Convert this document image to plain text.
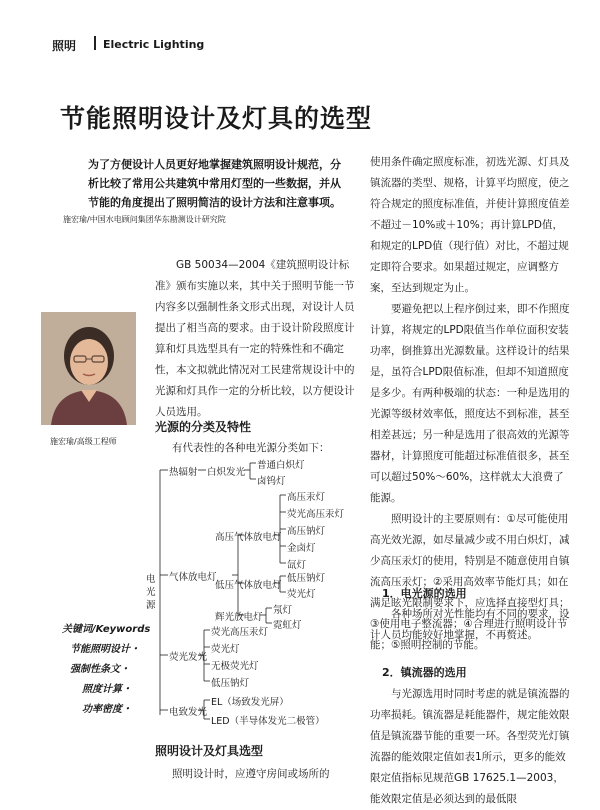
照明 Electric Lighting
节能照明设计及灯具的选型
为了方便设计人员更好地掌握建筑照明设计规范，分析比较了常用公共建筑中常用灯型的一些数据，并从节能的角度提出了照明简洁的设计方法和注意事项。
施宏瑜/中国水电顾问集团华东勘测设计研究院
施宏瑜/高级工程师
关键词/Keywords
节能照明设计・
强制性条文・
照度计算・
功率密度・

GB 50034—2004《建筑照明设计标准》颁布实施以来，其中关于照明节能一节内容多以强制性条文形式出现，对设计人员提出了相当高的要求。由于设计阶段照度计算和灯具选型具有一定的特殊性和不确定性，本文拟就此情况对工民建常规设计中的光源和灯具作一定的分析比较，以方便设计人员选用。

光源的分类及特性
有代表性的各种电光源分类如下：
电光源
热辐射 白炽发光
普通白炽灯
卤钨灯
气体放电灯
高压气体放电灯
高压汞灯
荧光高压汞灯
高压钠灯
金卤灯
氙灯
低压气体放电灯
低压钠灯
荧光灯
辉光放电灯
氖灯
霓虹灯
荧光发光
荧光高压汞灯
荧光灯
无极荧光灯
低压钠灯
电致发光
EL（场致发光屏）
LED（半导体发光二极管）
照明设计及灯具选型
照明设计时，应遵守房间或场所的

使用条件确定照度标准，初选光源、灯具及镇流器的类型、规格，计算平均照度，使之符合规定的照度标准值，并使计算照度值差不超过－10%或＋10%；再计算LPD值，和规定的LPD值（现行值）对比，不超过规定即符合要求。如果超过规定，应调整方案，至达到规定为止。

要避免把以上程序倒过来，即不作照度计算，将规定的LPD限值当作单位面积安装功率，倒推算出光源数量。这样设计的结果是，虽符合LPD限值标准，但却不知道照度是多少。有两种极端的状态：一种是选用的光源等级材效率低，照度达不到标准，甚至相差甚远；另一种是选用了很高效的光源等器材，计算照度可能超过标准值很多，甚至可以超过50%～60%，这样就太大浪费了能源。

照明设计的主要原则有：①尽可能使用高光效光源，如尽量减少或不用白炽灯，减少高压汞灯的使用，特别是不随意使用自镇流高压汞灯；②采用高效率节能灯具；如在满足眩光限制要求下，应选择直接型灯具；③使用电子整流器；④合理进行照明设计节能；⑤照明控制的节能。

1．电光源的选用

各种场所对光性能均有不同的要求，设计人员均能较好地掌握，不再赘述。

2．镇流器的选用

与光源选用时同时考虑的就是镇流器的功率损耗。镇流器是耗能器件，规定能效限值是镇流器节能的重要一环。各型荧光灯镇流器的能效限定值如表1所示，更多的能效限定值指标见规范GB 17625.1—2003，能效限定值是必须达到的最低限
